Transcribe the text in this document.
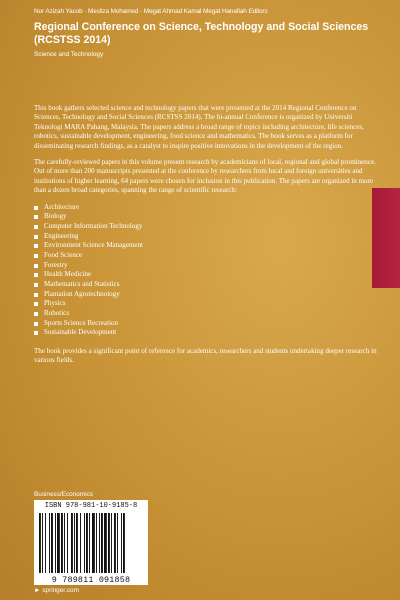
Nor Azizah Yacob · Mesliza Mohamed · Megat Ahmad Kamal Megat Hanafiah Editors
Regional Conference on Science, Technology and Social Sciences (RCSTSS 2014)
Science and Technology

This book gathers selected science and technology papers that were presented at the 2014 Regional Conference on Sciences, Technology and Social Sciences (RCSTSS 2014). The bi-annual Conference is organized by Universiti Teknologi MARA Pahang, Malaysia. The papers address a broad range of topics including architecture, life sciences, robotics, sustainable development, engineering, food science and mathematics. The book serves as a platform for disseminating research findings, as a catalyst to inspire positive innovations in the development of the region.

The carefully-reviewed papers in this volume present research by academicians of local, regional and global prominence. Out of more than 200 manuscripts presented at the conference by researchers from local and foreign universities and institutions of higher learning, 64 papers were chosen for inclusion in this publication. The papers are organized in more than a dozen broad categories, spanning the range of scientific research:

Architecture
Biology
Computer Information Technology
Engineering
Environment Science Management
Food Science
Forestry
Health Medicine
Mathematics and Statistics
Plantation Agrotechnology
Physics
Robotics
Sports Science Recreation
Sustainable Development

The book provides a significant point of reference for academics, researchers and students undertaking deeper research in various fields.

Business/Economics
ISBN 978-981-10-9185-8
9 789811 091858
► springer.com
